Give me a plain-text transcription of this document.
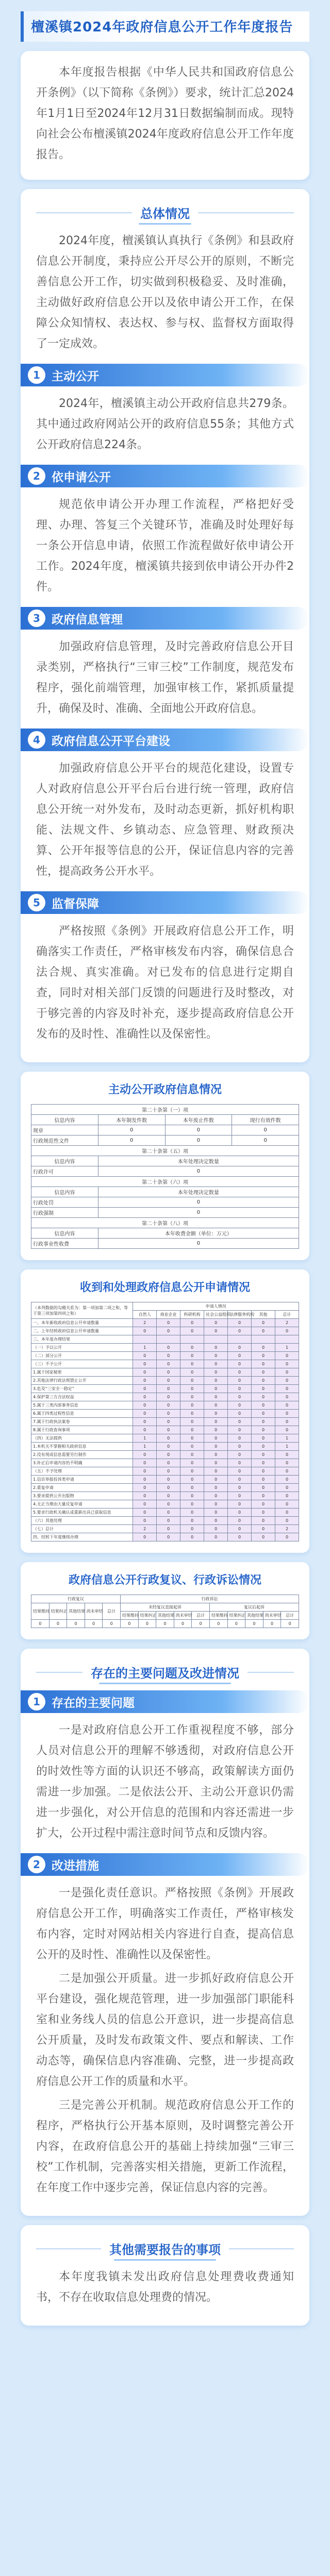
檀溪镇2024年政府信息公开工作年度报告

本年度报告根据《中华人民共和国政府信息公开条例》（以下简称《条例》）要求，统计汇总2024年1月1日至2024年12月31日数据编制而成。现特向社会公布檀溪镇2024年度政府信息公开工作年度报告。

总体情况
2024年度，檀溪镇认真执行《条例》和县政府信息公开制度，秉持应公开尽公开的原则，不断完善信息公开工作，切实做到积极稳妥、及时准确，主动做好政府信息公开以及依申请公开工作，在保障公众知情权、表达权、参与权、监督权方面取得了一定成效。
1 主动公开
2024年，檀溪镇主动公开政府信息共279条。其中通过政府网站公开的政府信息55条；其他方式公开政府信息224条。
2 依申请公开
规范依申请公开办理工作流程，严格把好受理、办理、答复三个关键环节，准确及时处理好每一条公开信息申请，依照工作流程做好依申请公开工作。2024年度，檀溪镇共接到依申请公开办件2件。
3 政府信息管理
加强政府信息管理，及时完善政府信息公开目录类别，严格执行“三审三校”工作制度，规范发布程序，强化前端管理，加强审核工作，紧抓质量提升，确保及时、准确、全面地公开政府信息。
4 政府信息公开平台建设
加强政府信息公开平台的规范化建设，设置专人对政府信息公开平台后台进行统一管理，政府信息公开统一对外发布，及时动态更新，抓好机构职能、法规文件、乡镇动态、应急管理、财政预决算、公开年报等信息的公开，保证信息内容的完善性，提高政务公开水平。
5 监督保障
严格按照《条例》开展政府信息公开工作，明确落实工作责任，严格审核发布内容，确保信息合法合规、真实准确。对已发布的信息进行定期自查，同时对相关部门反馈的问题进行及时整改，对于够完善的内容及时补充，逐步提高政府信息公开发布的及时性、准确性以及保密性。
主动公开政府信息情况
第二十条第（一）项			
信息内容	本年制发件数	本年废止件数	现行有效件数
规章	0	0	0
行政规范性文件	0	0	0
第二十条第（五）项			
信息内容	本年处理决定数量		
行政许可	0		
第二十条第（六）项			
信息内容	本年处理决定数量		
行政处罚	0		
行政强制	0		
第二十条第（八）项			
信息内容	本年收费金额（单位：万元）		
行政事业性收费	0		
收到和处理政府信息公开申请情况
（本列数据的勾稽关系为：第一项加第二项之和，等于第三项加第四项之和）	申请人情况						
	自然人	商业企业	科研机构	社会公益组织	法律服务机构	其他	总计
一、本年新收政府信息公开申请数量	2	0	0	0	0	0	2
二、上年结转政府信息公开申请数量	0	0	0	0	0	0	0
三、本年度办理结果							
（一）予以公开	1	0	0	0	0	0	1
（二）部分公开	0	0	0	0	0	0	0
（三）不予公开	0	0	0	0	0	0	0
1.属于国家秘密	0	0	0	0	0	0	0
2.其他法律行政法规禁止公开	0	0	0	0	0	0	0
3.危及“三安全一稳定”	0	0	0	0	0	0	0
4.保护第三方合法权益	0	0	0	0	0	0	0
5.属于三类内部事务信息	0	0	0	0	0	0	0
6.属于四类过程性信息	0	0	0	0	0	0	0
7.属于行政执法案卷	0	0	0	0	0	0	0
8.属于行政查询事项	0	0	0	0	0	0	0
（四）无法提供	1	0	0	0	0	0	1
1.本机关不掌握相关政府信息	1	0	0	0	0	0	1
2.没有现成信息需要另行制作	0	0	0	0	0	0	0
3.补正后申请内容仍不明确	0	0	0	0	0	0	0
（五）不予处理	0	0	0	0	0	0	0
1.信访举报投诉类申请	0	0	0	0	0	0	0
2.重复申请	0	0	0	0	0	0	0
3.要求提供公开出版物	0	0	0	0	0	0	0
4.无正当理由大量反复申请	0	0	0	0	0	0	0
5.要求行政机关确认或重新出具已获取信息	0	0	0	0	0	0	0
（六）其他处理	0	0	0	0	0	0	0
（七）总计	2	0	0	0	0	0	2
四、结转下年度继续办理	0	0	0	0	0	0	0
政府信息公开行政复议、行政诉讼情况
行政复议					行政诉讼									
结果维持	结果纠正	其他结果	尚未审结	总计	未经复议直接起诉					复议后起诉				
					结果维持	结果纠正	其他结果	尚未审结	总计	结果维持	结果纠正	其他结果	尚未审结	总计
0	0	0	0	0	0	0	0	0	0	0	0	0	0	0
存在的主要问题及改进情况
1 存在的主要问题
一是对政府信息公开工作重视程度不够，部分人员对信息公开的理解不够透彻，对政府信息公开的时效性等方面的认识还不够高，政策解读方面仍需进一步加强。二是依法公开、主动公开意识仍需进一步强化，对公开信息的范围和内容还需进一步扩大，公开过程中需注意时间节点和反馈内容。
2 改进措施
一是强化责任意识。严格按照《条例》开展政府信息公开工作，明确落实工作责任，严格审核发布内容，定时对网站相关内容进行自查，提高信息公开的及时性、准确性以及保密性。
二是加强公开质量。进一步抓好政府信息公开平台建设，强化规范管理，进一步加强部门职能科室和业务线人员的信息公开意识，进一步提高信息公开质量，及时发布政策文件、要点和解读、工作动态等，确保信息内容准确、完整，进一步提高政府信息公开工作的质量和水平。
三是完善公开机制。规范政府信息公开工作的程序，严格执行公开基本原则，及时调整完善公开内容，在政府信息公开的基础上持续加强“三审三校”工作机制，完善落实相关措施，更新工作流程，在年度工作中逐步完善，保证信息内容的完善。
其他需要报告的事项
本年度我镇未发出政府信息处理费收费通知书，不存在收取信息处理费的情况。
